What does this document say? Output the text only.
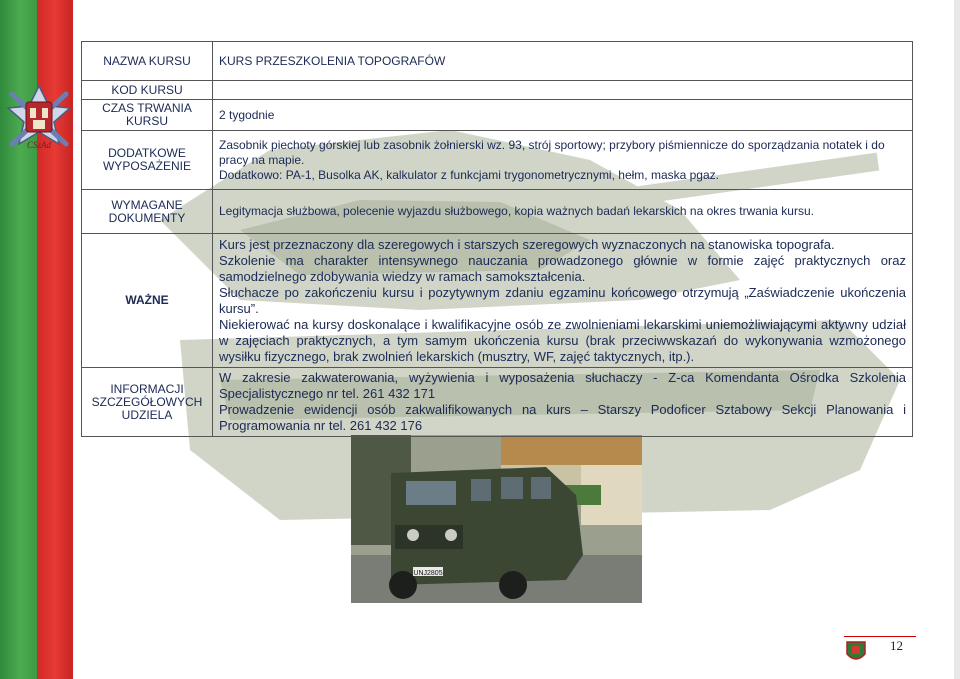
CSzAd
UNJ2805
NAZWA KURSU	KURS PRZESZKOLENIA TOPOGRAFÓW
KOD KURSU	
CZAS TRWANIA KURSU	2 tygodnie
DODATKOWE WYPOSAŻENIE	Zasobnik piechoty górskiej lub zasobnik żołnierski wz. 93, strój sportowy; przybory piśmiennicze do sporządzania notatek i do pracy na mapie.
Dodatkowo: PA-1, Busolka AK, kalkulator z funkcjami trygonometrycznymi, hełm, maska pgaz.

WYMAGANE DOKUMENTY	Legitymacja służbowa, polecenie wyjazdu służbowego, kopia ważnych badań lekarskich na okres trwania kursu.
WAŻNE	Kurs jest przeznaczony dla szeregowych i starszych szeregowych wyznaczonych na stanowiska topografa.

Szkolenie ma charakter intensywnego nauczania prowadzonego głównie w formie zajęć praktycznych oraz samodzielnego zdobywania wiedzy w ramach samokształcenia.

Słuchacze po zakończeniu kursu i pozytywnym zdaniu egzaminu końcowego otrzymują „Zaświadczenie ukończenia kursu”.

Niekierować na kursy doskonalące i kwalifikacyjne osób ze zwolnieniami lekarskimi uniemożliwiającymi aktywny udział w zajęciach praktycznych, a tym samym ukończenia kursu (brak przeciwwskazań do wykonywania wzmożonego wysiłku fizycznego, brak zwolnień lekarskich (musztry, WF, zajęć taktycznych, itp.).

INFORMACJI SZCZEGÓŁOWYCH UDZIELA	W zakresie zakwaterowania, wyżywienia i wyposażenia słuchaczy - Z-ca Komendanta Ośrodka Szkolenia Specjalistycznego nr tel. 261 432 171

Prowadzenie ewidencji osób zakwalifikowanych na kurs – Starszy Podoficer Sztabowy Sekcji Planowania i Programowania nr tel. 261 432 176

12
